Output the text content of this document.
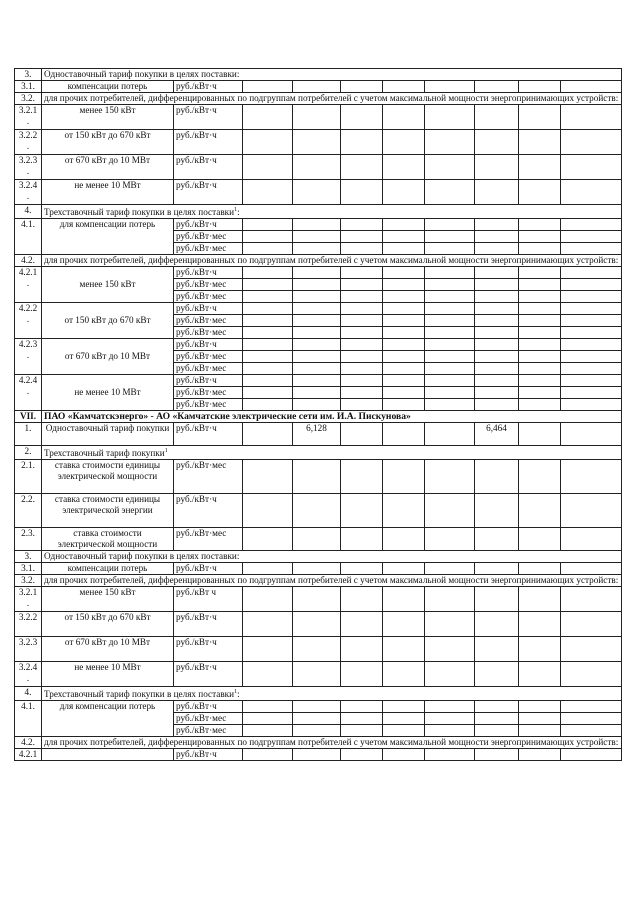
3.	Одноставочный тариф покупки в целях поставки:									
3.1.	компенсации потерь	руб./кВт·ч								
3.2.	для прочих потребителей, дифференцированных по подгруппам потребителей с учетом максимальной мощности энергопринимающих устройств:									
3.2.1 .	менее 150 кВт	руб./кВт·ч								
3.2.2 .	от 150 кВт до 670 кВт	руб./кВт·ч								
3.2.3 .	от 670 кВт до 10 МВт	руб./кВт·ч								
3.2.4 .	не менее 10 МВт	руб./кВт·ч								
4.	Трехставочный тариф покупки в целях поставки$^1$:									
4.1.	для компенсации потерь	руб./кВт·ч								
		руб./кВт·мес								
		руб./кВт·мес								
4.2.	для прочих потребителей, дифференцированных по подгруппам потребителей с учетом максимальной мощности энергопринимающих устройств:									
4.2.1 .	менее 150 кВт	руб./кВт·ч								
		руб./кВт·мес								
		руб./кВт·мес								
4.2.2 .	от 150 кВт до 670 кВт	руб./кВт·ч								
		руб./кВт·мес								
		руб./кВт·мес								
4.2.3 .	от 670 кВт до 10 МВт	руб./кВт·ч								
		руб./кВт·мес								
		руб./кВт·мес								
4.2.4 .	не менее 10 МВт	руб./кВт·ч								
		руб./кВт·мес								
		руб./кВт·мес								
VII.	ПАО «Камчатскэнерго» - АО «Камчатские электрические сети им. И.А. Пискунова»									
1.	Одноставочный тариф покупки	руб./кВт·ч		6,128				6,464		
2.	Трехставочный тариф покупки$^1$
2.1.	ставка стоимости единицы электрической мощности	руб./кВт·мес								
2.2.	ставка стоимости единицы электрической энергии	руб./кВт·ч								
2.3.	ставка стоимости электрической мощности	руб./кВт·мес								
3.	Одноставочный тариф покупки в целях поставки:									
3.1.	компенсации потерь	руб./кВт·ч								
3.2.	для прочих потребителей, дифференцированных по подгруппам потребителей с учетом максимальной мощности энергопринимающих устройств:									
3.2.1 .	менее 150 кВт	руб./кВт ч								
3.2.2	от 150 кВт до 670 кВт	руб./кВт·ч								
3.2.3	от 670 кВт до 10 МВт	руб./кВт·ч								
3.2.4 .	не менее 10 МВт	руб./кВт·ч								
4.	Трехставочный тариф покупки в целях поставки$^1$:									
4.1.	для компенсации потерь	руб./кВт·ч								
		руб./кВт·мес								
		руб./кВт·мес								
4.2.	для прочих потребителей, дифференцированных по подгруппам потребителей с учетом максимальной мощности энергопринимающих устройств:									
4.2.1		руб./кВт·ч								
